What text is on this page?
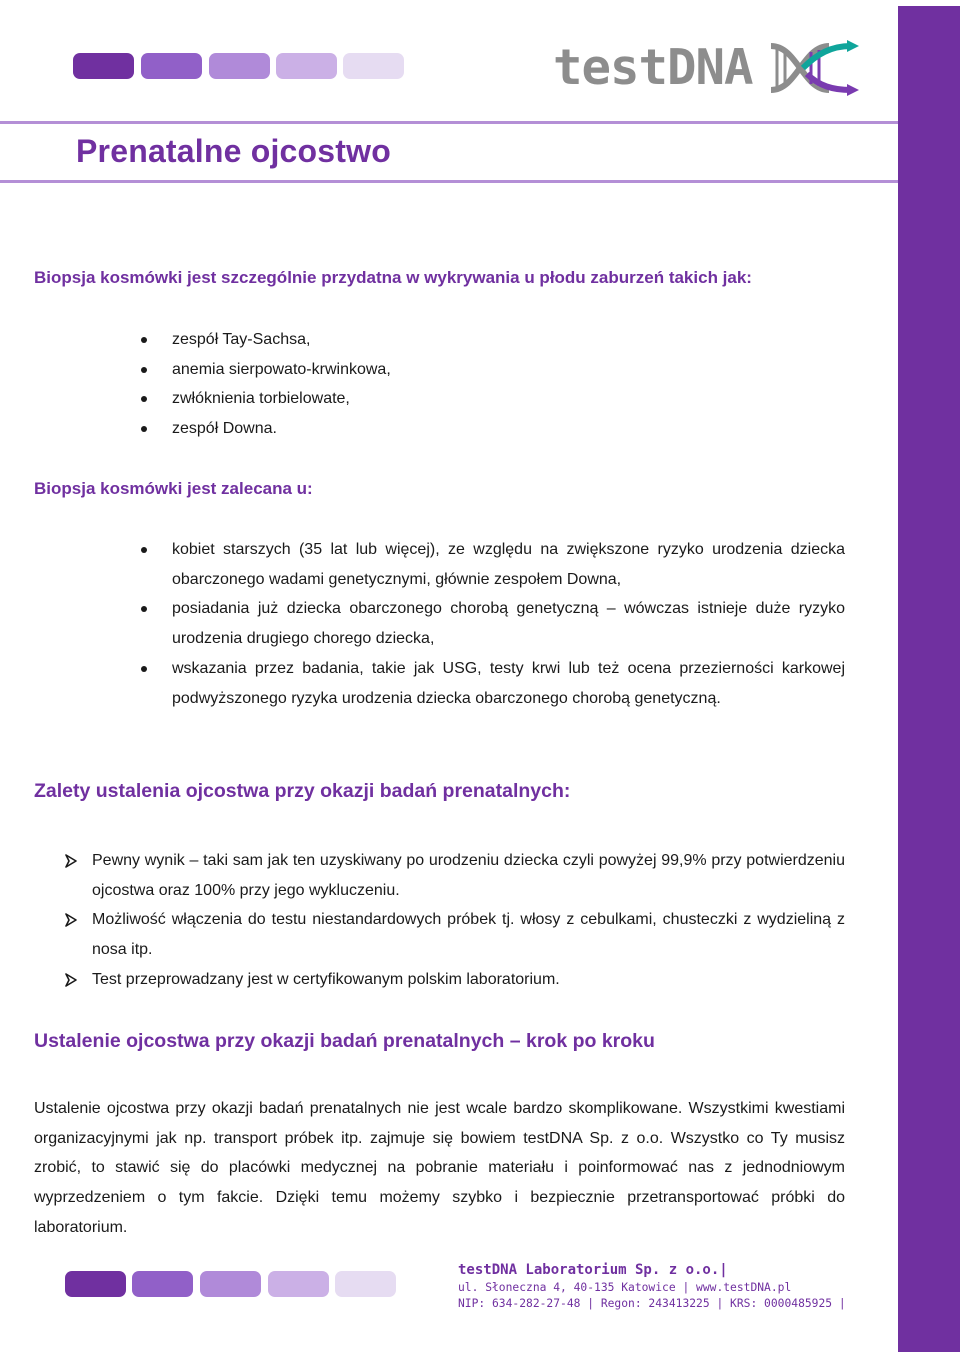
testDNA
Prenatalne ojcostwo
Biopsja kosmówki jest szczególnie przydatna w wykrywania u płodu zaburzeń takich jak:
zespół Tay-Sachsa,
anemia sierpowato-krwinkowa,
zwłóknienia torbielowate,
zespół Downa.
Biopsja kosmówki jest zalecana u:
kobiet starszych (35 lat lub więcej), ze względu na zwiększone ryzyko urodzenia dziecka obarczonego wadami genetycznymi, głównie zespołem Downa,
posiadania już dziecka obarczonego chorobą genetyczną – wówczas istnieje duże ryzyko urodzenia drugiego chorego dziecka,
wskazania przez badania, takie jak USG, testy krwi lub też ocena przezierności karkowej podwyższonego ryzyka urodzenia dziecka obarczonego chorobą genetyczną.
Zalety ustalenia ojcostwa przy okazji badań prenatalnych:
Pewny wynik – taki sam jak ten uzyskiwany po urodzeniu dziecka czyli powyżej 99,9% przy potwierdzeniu ojcostwa oraz 100% przy jego wykluczeniu.
Możliwość włączenia do testu niestandardowych próbek tj. włosy z cebulkami, chusteczki z wydzieliną z nosa itp.
Test przeprowadzany jest w certyfikowanym polskim laboratorium.
Ustalenie ojcostwa przy okazji badań prenatalnych – krok po kroku

Ustalenie ojcostwa przy okazji badań prenatalnych nie jest wcale bardzo skomplikowane. Wszystkimi kwestiami organizacyjnymi jak np. transport próbek itp. zajmuje się bowiem testDNA Sp. z o.o. Wszystko co Ty musisz zrobić, to stawić się do placówki medycznej na pobranie materiału i poinformować nas z jednodniowym wyprzedzeniem o tym fakcie. Dzięki temu możemy szybko i bezpiecznie przetransportować próbki do laboratorium.

testDNA Laboratorium Sp. z o.o.|
ul. Słoneczna 4, 40-135 Katowice | www.testDNA.pl
NIP: 634-282-27-48 | Regon: 243413225 | KRS: 0000485925 |
